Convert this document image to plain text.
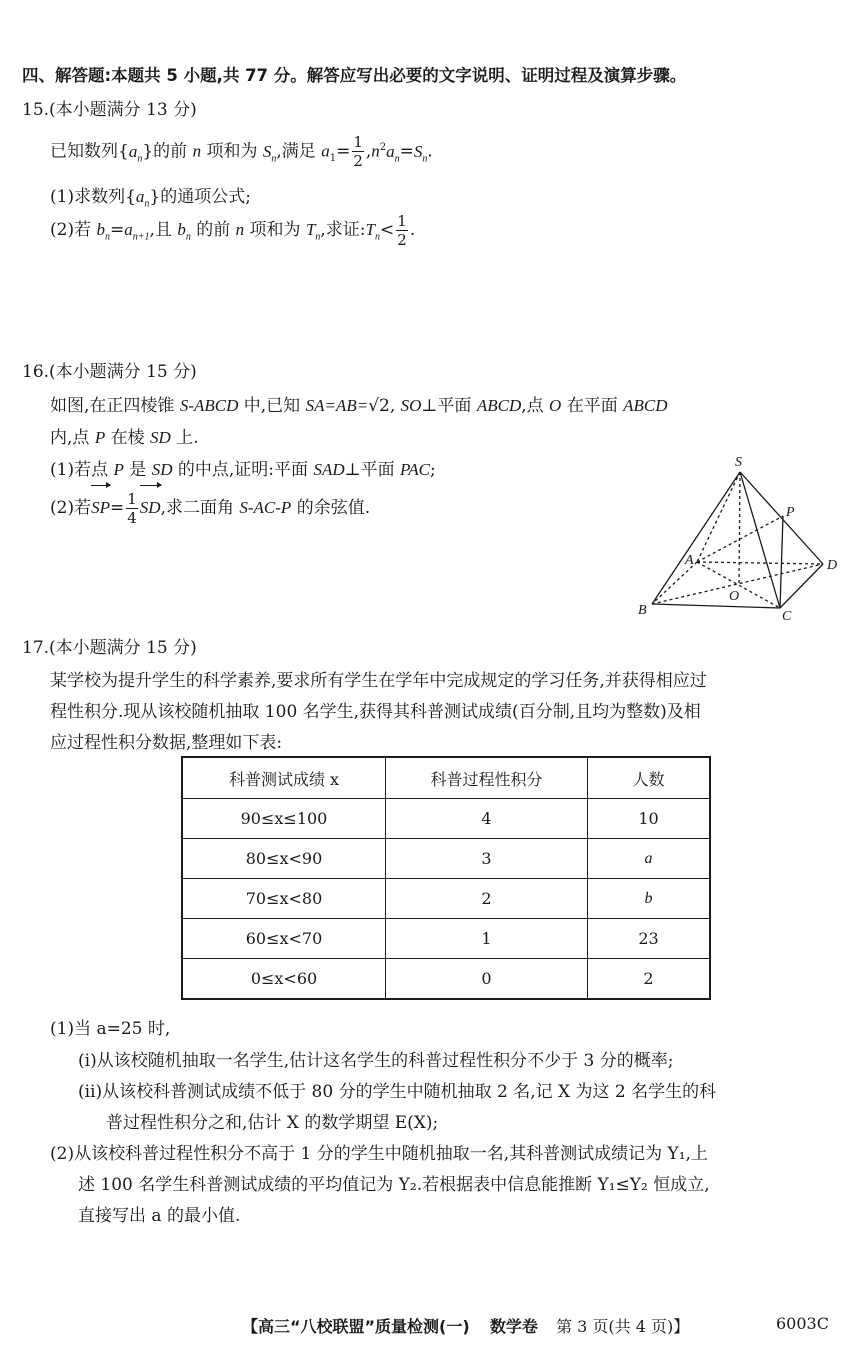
四、解答题:本题共 5 小题,共 77 分。解答应写出必要的文字说明、证明过程及演算步骤。
15.(本小题满分 13 分)
已知数列$\{a_n\}$的前 n 项和为 $S_n$,满足 $a_1= \frac{1}{2} ,n^2a_n=S_n$.
(1)求数列$\{a_n\}$的通项公式;
(2)若 $b_n=a_{n+1}$,且 $b_n$ 的前 n 项和为 $T_n$,求证$:T_n< \frac{1}{2}$ .
16.(本小题满分 15 分)
如图,在正四棱锥 S-ABCD 中,已知 SA=AB=√2, SO⊥平面 ABCD,点 O 在平面 ABCD
内,点 P 在棱 SD 上.
(1)若点 P 是 SD 的中点,证明:平面 SAD⊥平面 PAC;
(2)若$SP= \frac{1}{4}$ SD,求二面角 S-AC-P 的余弦值.
S
P
A	D
O
B	C
17.(本小题满分 15 分)
某学校为提升学生的科学素养,要求所有学生在学年中完成规定的学习任务,并获得相应过
程性积分.现从该校随机抽取 100 名学生,获得其科普测试成绩(百分制,且均为整数)及相
应过程性积分数据,整理如下表:
科普测试成绩 x	科普过程性积分	人数
90≤x≤100	4	10
80≤x<90	3	a
70≤x<80	2	b
60≤x<70	1	23
0≤x<60	0	2
(1)当 a=25 时,
(ⅰ)从该校随机抽取一名学生,估计这名学生的科普过程性积分不少于 3 分的概率;
(ⅱ)从该校科普测试成绩不低于 80 分的学生中随机抽取 2 名,记 X 为这 2 名学生的科
普过程性积分之和,估计 X 的数学期望 E(X);
(2)从该校科普过程性积分不高于 1 分的学生中随机抽取一名,其科普测试成绩记为 Y₁,上
述 100 名学生科普测试成绩的平均值记为 Y₂.若根据表中信息能推断 Y₁≤Y₂ 恒成立,
直接写出 a 的最小值.
【高三“八校联盟”质量检测(一) 数学卷 第 3 页(共 4 页)】	6003C
